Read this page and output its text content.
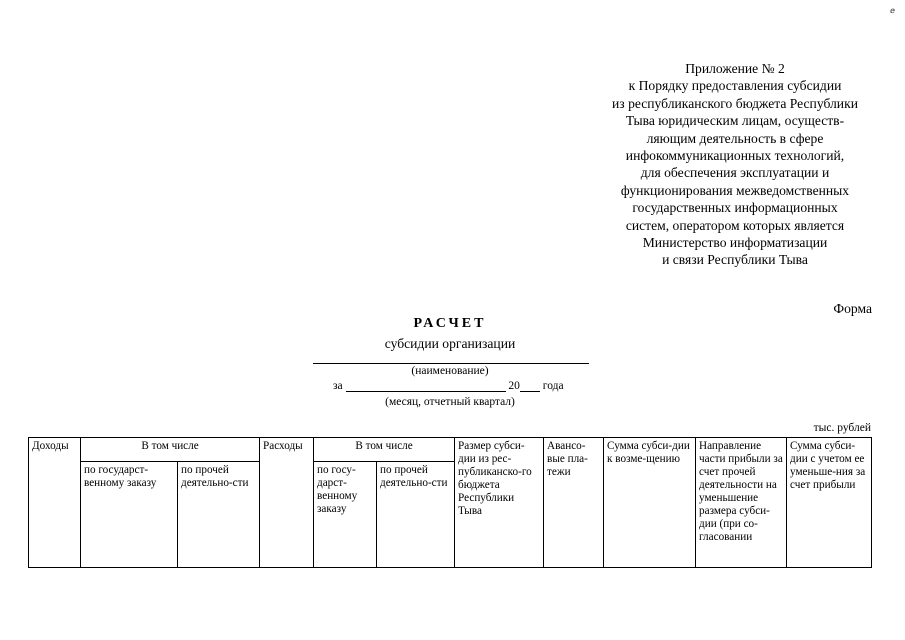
ⅇ
Приложение № 2
к Порядку предоставления субсидии
из республиканского бюджета Республики
Тыва юридическим лицам, осуществ-
ляющим деятельность в сфере
инфокоммуникационных технологий,
для обеспечения эксплуатации и
функционирования межведомственных
государственных информационных
систем, оператором которых является
Министерство информатизации
и связи Республики Тыва
Форма
РАСЧЕТ
субсидии организации
(наименование)
за	20 года
(месяц, отчетный квартал)
тыс. рублей
Доходы	В том числе		Расходы	В том числе		Размер субси-дии из рес-публиканско-го бюджета Республики Тыва	Авансо-вые пла-тежи	Сумма субси-дии к возме-щению	Направление части прибыли за счет прочей деятельности на уменьшение размера субси-дии (при со-гласовании	Сумма субси-дии с учетом ее уменьше-ния за счет прибыли
	по государст-венному заказу	по прочей деятельно-сти		по госу-дарст-венному заказу	по прочей деятельно-сти					
